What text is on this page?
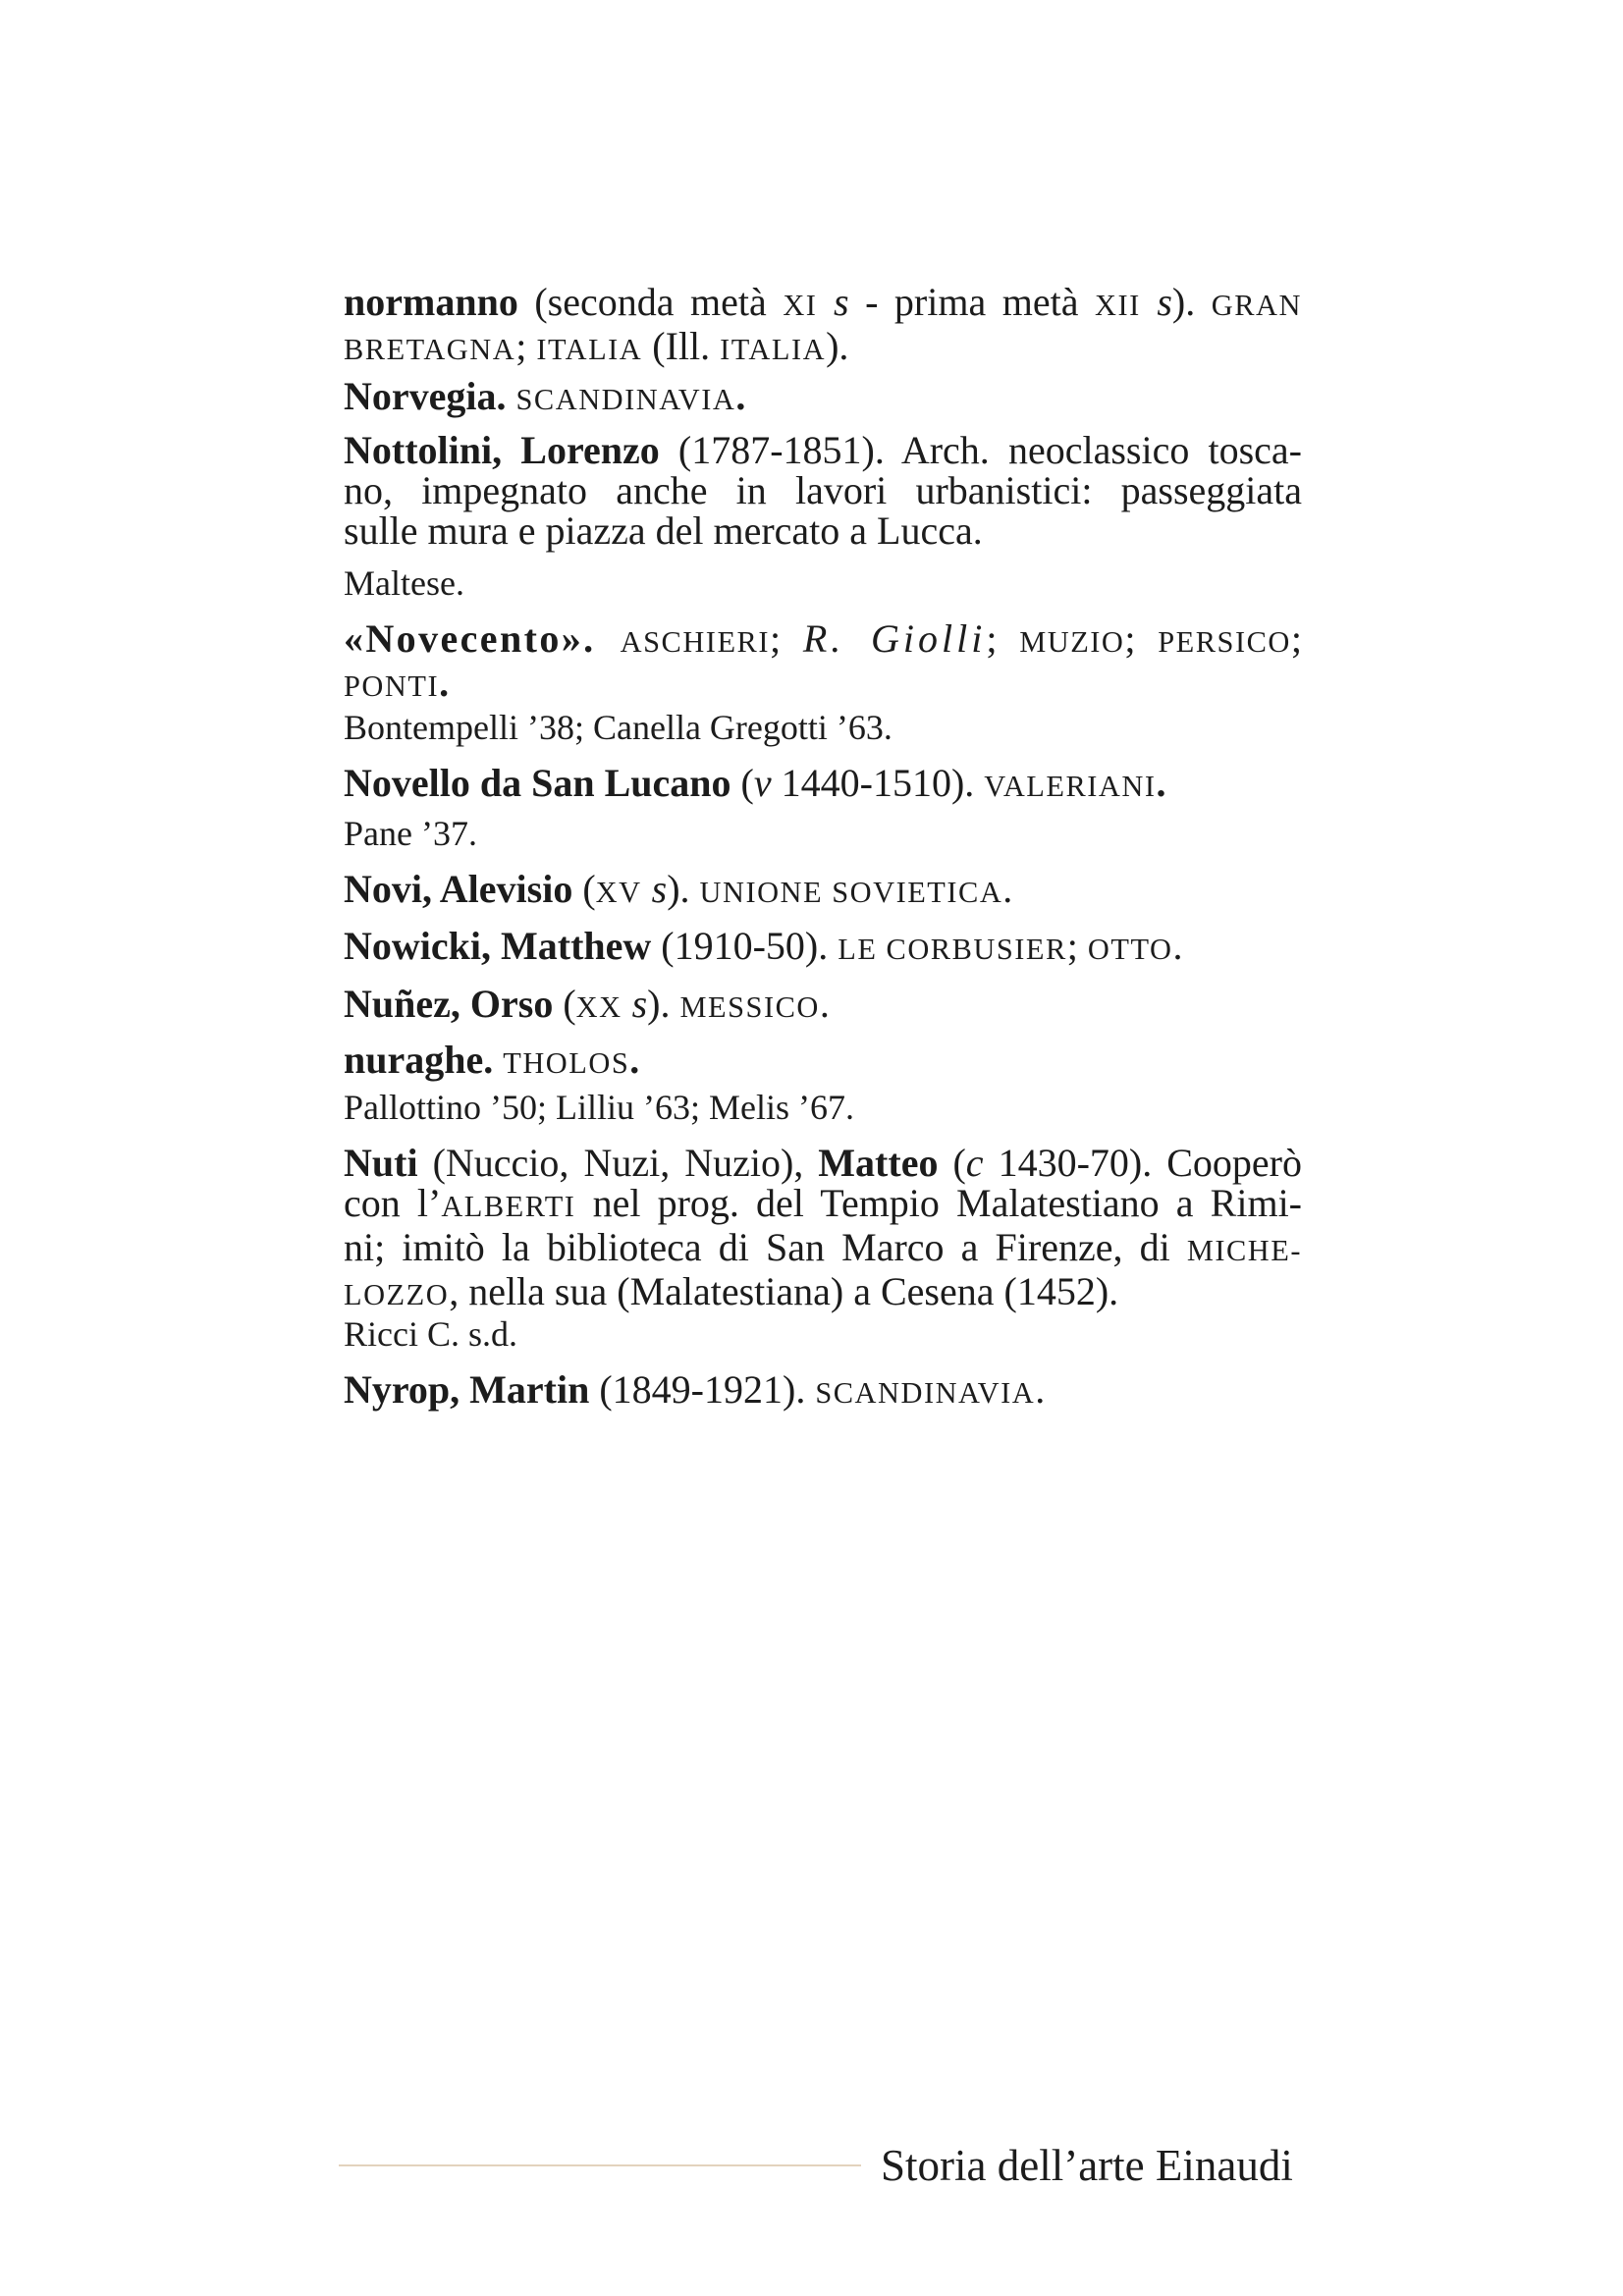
normanno (seconda metà XI s - prima metà XII s). GRAN
BRETAGNA; ITALIA (Ill. ITALIA).
Norvegia. SCANDINAVIA.
Nottolini, Lorenzo (1787-1851). Arch. neoclassico tosca-
no, impegnato anche in lavori urbanistici: passeggiata
sulle mura e piazza del mercato a Lucca.
Maltese.
«Novecento». ASCHIERI; R. Giolli; MUZIO; PERSICO;
PONTI.
Bontempelli ’38; Canella Gregotti ’63.
Novello da San Lucano (v 1440-1510). VALERIANI.
Pane ’37.
Novi, Alevisio (XV s). UNIONE SOVIETICA.
Nowicki, Matthew (1910-50). LE CORBUSIER; OTTO.
Nuñez, Orso (XX s). MESSICO.
nuraghe. THOLOS.
Pallottino ’50; Lilliu ’63; Melis ’67.
Nuti (Nuccio, Nuzi, Nuzio), Matteo (c 1430-70). Cooperò
con l’ALBERTI nel prog. del Tempio Malatestiano a Rimi-
ni; imitò la biblioteca di San Marco a Firenze, di MICHE-
LOZZO, nella sua (Malatestiana) a Cesena (1452).
Ricci C. s.d.
Nyrop, Martin (1849-1921). SCANDINAVIA.
Storia dell’arte Einaudi
